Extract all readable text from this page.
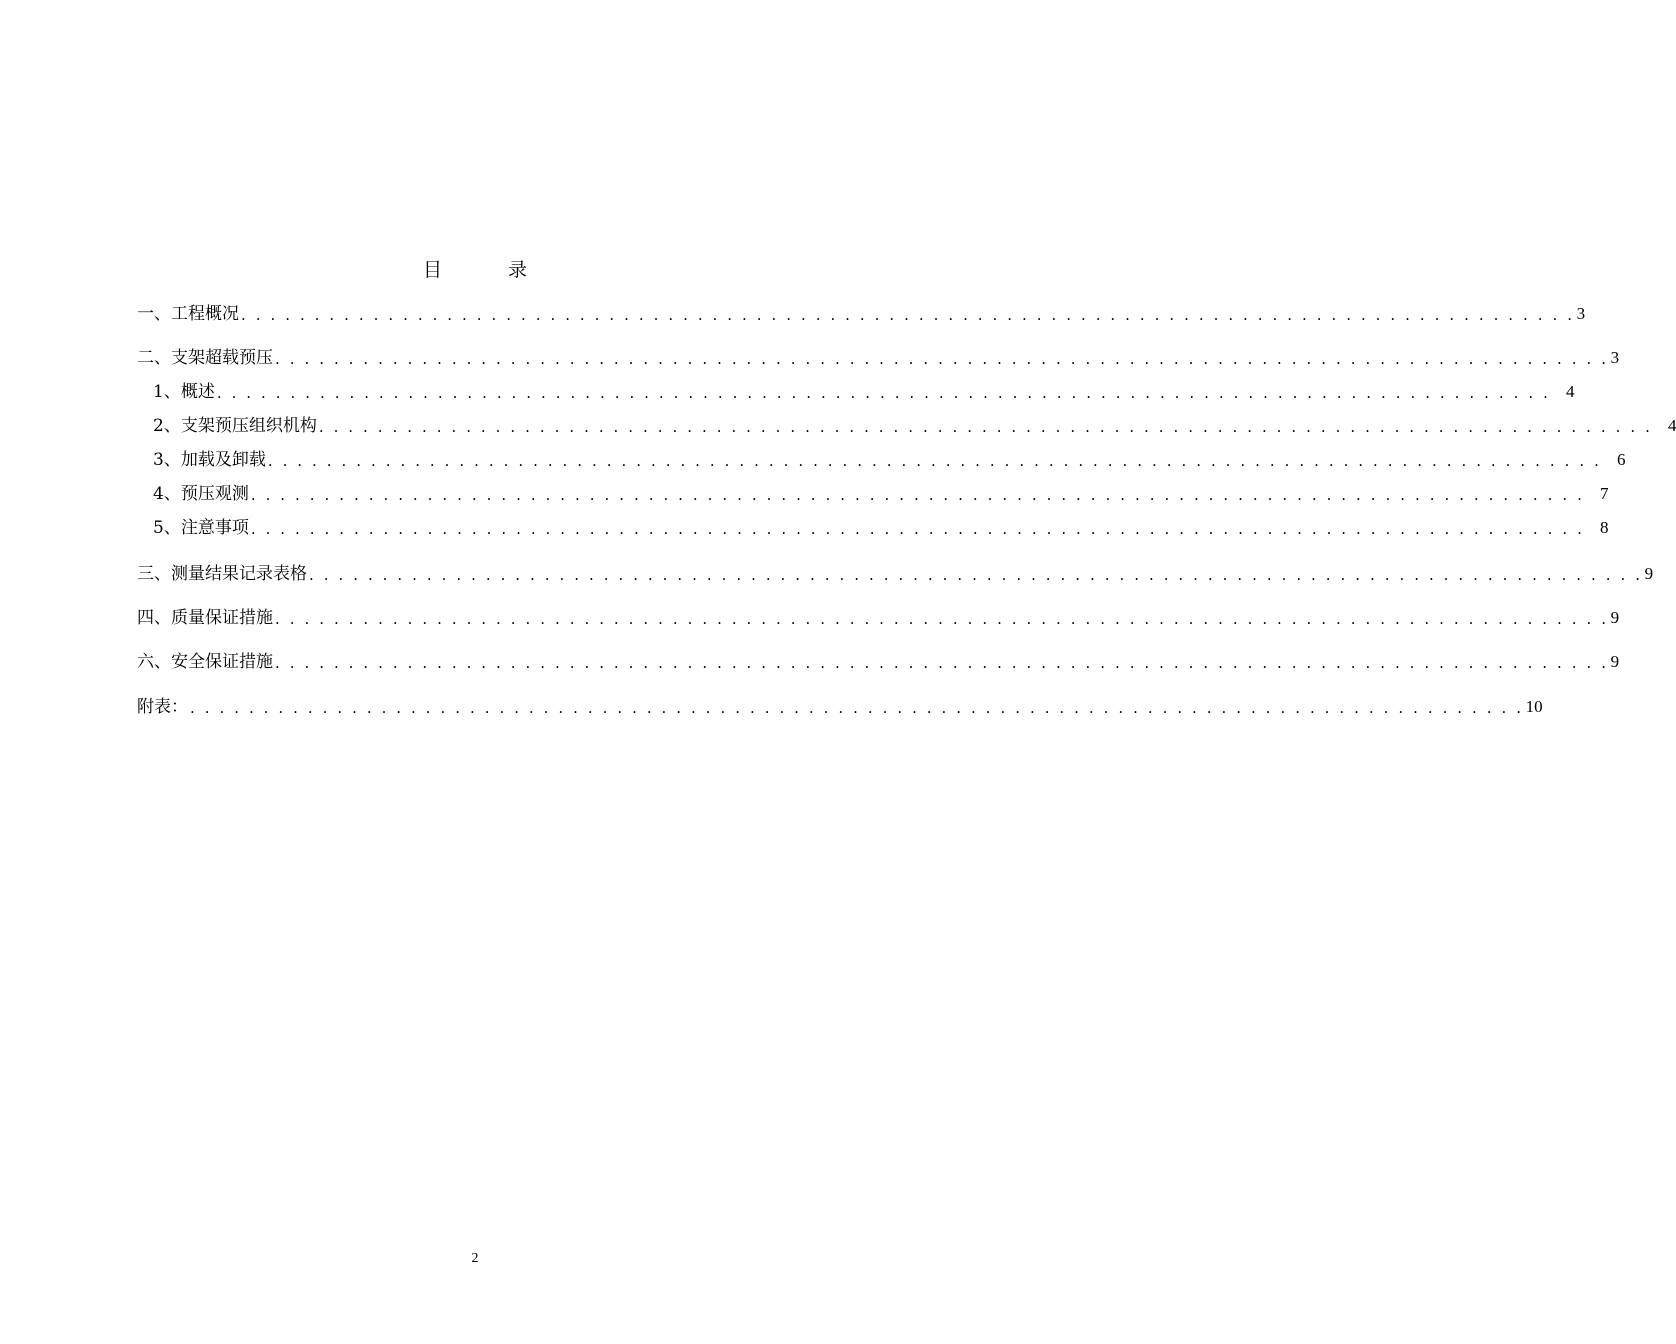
目 录
一、工程概况 . . . . . . . . . . . . . . . . . . . . . . . . . . . . . . . . . . . . . . . . . . . . . . . . . . . . . . . . . . . . . . . . . . . . . . . . . . . . . . . . . . . . . . . . . . . 3
二、支架超载预压 . . . . . . . . . . . . . . . . . . . . . . . . . . . . . . . . . . . . . . . . . . . . . . . . . . . . . . . . . . . . . . . . . . . . . . . . . . . . . . . . . . . . . . . . . . . 3
1、概述 . . . . . . . . . . . . . . . . . . . . . . . . . . . . . . . . . . . . . . . . . . . . . . . . . . . . . . . . . . . . . . . . . . . . . . . . . . . . . . . . . . . . . . . . . . . 4
2、支架预压组织机构 . . . . . . . . . . . . . . . . . . . . . . . . . . . . . . . . . . . . . . . . . . . . . . . . . . . . . . . . . . . . . . . . . . . . . . . . . . . . . . . . . . . . . . . . . . . 4
3、加载及卸载 . . . . . . . . . . . . . . . . . . . . . . . . . . . . . . . . . . . . . . . . . . . . . . . . . . . . . . . . . . . . . . . . . . . . . . . . . . . . . . . . . . . . . . . . . . . 6
4、预压观测 . . . . . . . . . . . . . . . . . . . . . . . . . . . . . . . . . . . . . . . . . . . . . . . . . . . . . . . . . . . . . . . . . . . . . . . . . . . . . . . . . . . . . . . . . . . 7
5、注意事项 . . . . . . . . . . . . . . . . . . . . . . . . . . . . . . . . . . . . . . . . . . . . . . . . . . . . . . . . . . . . . . . . . . . . . . . . . . . . . . . . . . . . . . . . . . . 8
三、测量结果记录表格 . . . . . . . . . . . . . . . . . . . . . . . . . . . . . . . . . . . . . . . . . . . . . . . . . . . . . . . . . . . . . . . . . . . . . . . . . . . . . . . . . . . . . . . . . . . 9
四、质量保证措施 . . . . . . . . . . . . . . . . . . . . . . . . . . . . . . . . . . . . . . . . . . . . . . . . . . . . . . . . . . . . . . . . . . . . . . . . . . . . . . . . . . . . . . . . . . . 9
六、安全保证措施 . . . . . . . . . . . . . . . . . . . . . . . . . . . . . . . . . . . . . . . . . . . . . . . . . . . . . . . . . . . . . . . . . . . . . . . . . . . . . . . . . . . . . . . . . . . 9
附表： . . . . . . . . . . . . . . . . . . . . . . . . . . . . . . . . . . . . . . . . . . . . . . . . . . . . . . . . . . . . . . . . . . . . . . . . . . . . . . . . . . . . . . . . . . . 10
2
